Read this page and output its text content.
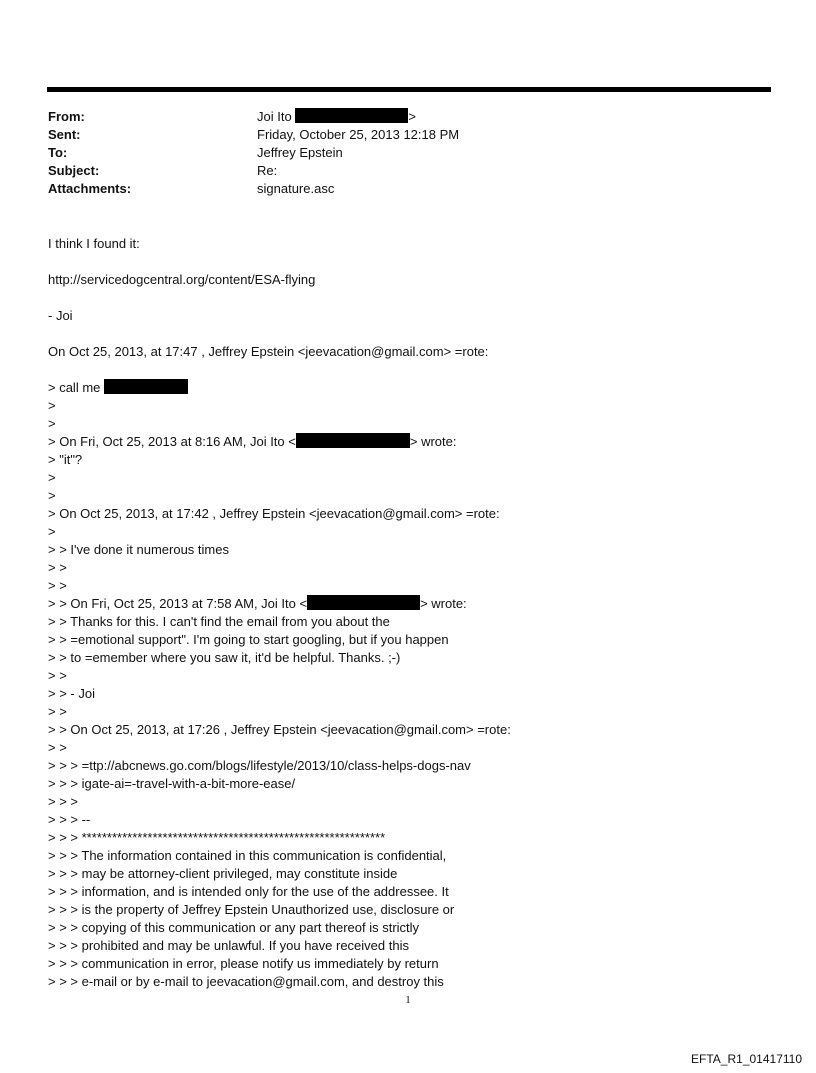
From:	Joi Ito	>
Sent:	Friday, October 25, 2013 12:18 PM
To:	Jeffrey Epstein
Subject:	Re:
Attachments:	signature.asc

I think I found it:

http://servicedogcentral.org/content/ESA-flying

- Joi

On Oct 25, 2013, at 17:47 , Jeffrey Epstein <jeevacation@gmail.com> =rote:

> call me

>

>

> On Fri, Oct 25, 2013 at 8:16 AM, Joi Ito <	> wrote:

> "it"?

>

>

> On Oct 25, 2013, at 17:42 , Jeffrey Epstein <jeevacation@gmail.com> =rote:

>

> > I've done it numerous times

> >

> >

> > On Fri, Oct 25, 2013 at 7:58 AM, Joi Ito <	> wrote:

> > Thanks for this. I can't find the email from you about the

> > =emotional support". I'm going to start googling, but if you happen

> > to =emember where you saw it, it'd be helpful. Thanks. ;-)

> >

> > - Joi

> >

> > On Oct 25, 2013, at 17:26 , Jeffrey Epstein <jeevacation@gmail.com> =rote:

> >

> > > =ttp://abcnews.go.com/blogs/lifestyle/2013/10/class-helps-dogs-nav

> > > igate-ai=-travel-with-a-bit-more-ease/

> > >

> > > --

> > > ************************************************************

> > > The information contained in this communication is confidential,

> > > may be attorney-client privileged, may constitute inside

> > > information, and is intended only for the use of the addressee. It

> > > is the property of Jeffrey Epstein Unauthorized use, disclosure or

> > > copying of this communication or any part thereof is strictly

> > > prohibited and may be unlawful. If you have received this

> > > communication in error, please notify us immediately by return

> > > e-mail or by e-mail to jeevacation@gmail.com, and destroy this

1
EFTA_R1_01417110
